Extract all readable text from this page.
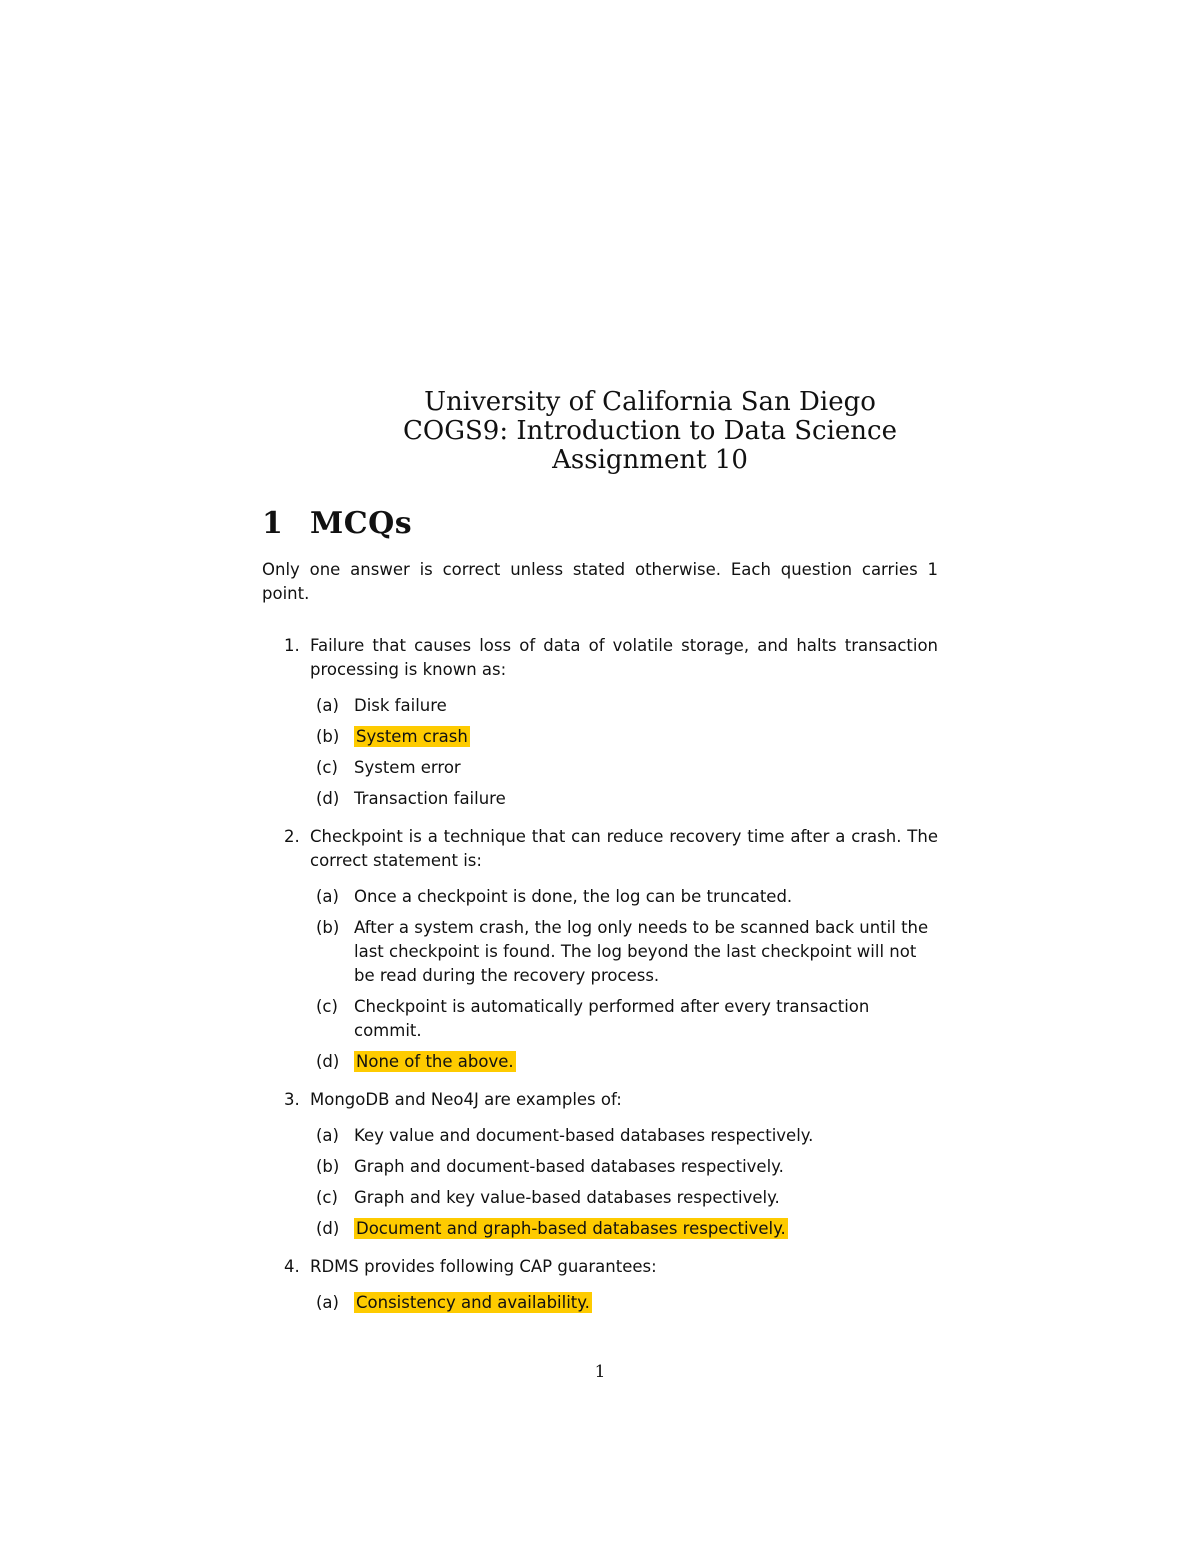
University of California San Diego
COGS9: Introduction to Data Science
Assignment 10
1 MCQs

Only one answer is correct unless stated otherwise. Each question carries 1 point.

1. Failure that causes loss of data of volatile storage, and halts transaction processing is known as:

(a) Disk failure
(b) System crash
(c) System error
(d) Transaction failure
2. Checkpoint is a technique that can reduce recovery time after a crash. The correct statement is:

(a) Once a checkpoint is done, the log can be truncated.
(b) After a system crash, the log only needs to be scanned back until the last checkpoint is found. The log beyond the last checkpoint will not be read during the recovery process.
(c) Checkpoint is automatically performed after every transaction commit.
(d) None of the above.
3. MongoDB and Neo4J are examples of:

(a) Key value and document-based databases respectively.
(b) Graph and document-based databases respectively.
(c) Graph and key value-based databases respectively.
(d) Document and graph-based databases respectively.
4. RDMS provides following CAP guarantees:

(a) Consistency and availability.
1
